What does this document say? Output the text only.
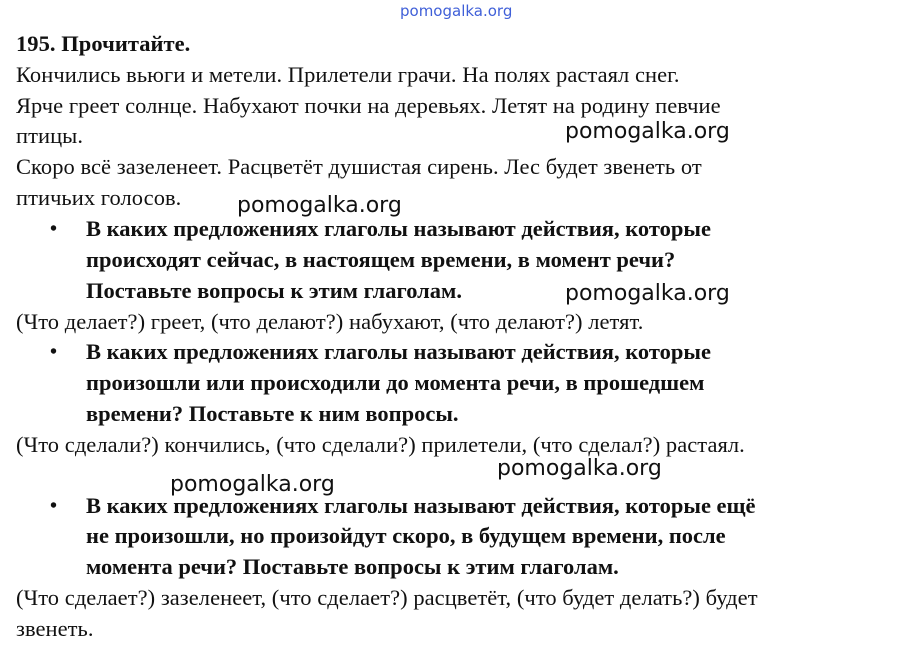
pomogalka.org
195. Прочитайте.
Кончились вьюги и метели. Прилетели грачи. На полях растаял снег.
Ярче греет солнце. Набухают почки на деревьях. Летят на родину певчие
птицы.
Скоро всё зазеленеет. Расцветёт душистая сирень. Лес будет звенеть от
птичьих голосов.
• В каких предложениях глаголы называют действия, которые
происходят сейчас, в настоящем времени, в момент речи?
Поставьте вопросы к этим глаголам.
(Что делает?) греет, (что делают?) набухают, (что делают?) летят.
• В каких предложениях глаголы называют действия, которые
произошли или происходили до момента речи, в прошедшем
времени? Поставьте к ним вопросы.
(Что сделали?) кончились, (что сделали?) прилетели, (что сделал?) растаял.
• В каких предложениях глаголы называют действия, которые ещё
не произошли, но произойдут скоро, в будущем времени, после
момента речи? Поставьте вопросы к этим глаголам.
(Что сделает?) зазеленеет, (что сделает?) расцветёт, (что будет делать?) будет
звенеть.
pomogalka.org
pomogalka.org
pomogalka.org
pomogalka.org
pomogalka.org
